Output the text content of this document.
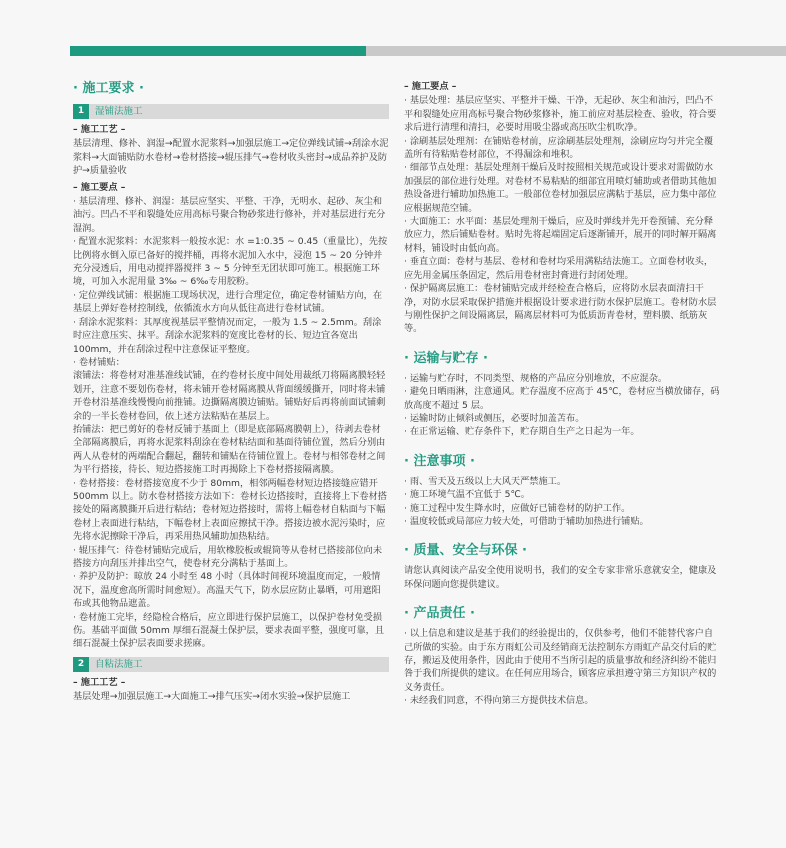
· 施工要求 ·
1	湿铺法施工
– 施工工艺 –

基层清理、修补、润湿→配置水泥浆料→加强层施工→定位弹线试铺→刮涂水泥浆料→大面铺贴防水卷材→卷材搭接→辊压排气→卷材收头密封→成品养护及防护→质量验收

– 施工要点 –

· 基层清理、修补、润湿：基层应坚实、平整、干净，无明水、起砂、灰尘和油污。凹凸不平和裂缝处应用高标号聚合物砂浆进行修补，并对基层进行充分湿润。

· 配置水泥浆料：水泥浆料一般按水泥：水 =1:0.35 ~ 0.45（重量比），先按比例将水倒入原已备好的搅拌桶，再将水泥加入水中，浸泡 15 ~ 20 分钟并充分浸透后，用电动搅拌器搅拌 3 ~ 5 分钟至无团状即可施工。根据施工环境，可加入水泥用量 3‰ ~ 6‰专用胶粉。

· 定位弹线试铺：根据施工现场状况，进行合理定位，确定卷材铺贴方向，在基层上弹好卷材控制线，依循流水方向从低往高进行卷材试铺。

· 刮涂水泥浆料：其厚度视基层平整情况而定，一般为 1.5 ~ 2.5mm。刮涂时应注意压实、抹平。刮涂水泥浆料的宽度比卷材的长、短边宜各宽出 100mm，并在刮涂过程中注意保证平整度。

· 卷材铺贴：

滚铺法：将卷材对准基准线试铺，在约卷材长度中间处用裁纸刀将隔离膜轻轻划开，注意不要划伤卷材，将未铺开卷材隔离膜从背面缓缓撕开，同时将未铺开卷材沿基准线慢慢向前推铺。边撕隔离膜边铺贴。铺贴好后再将前面试铺剩余的一半长卷材卷回，依上述方法粘贴在基层上。

抬铺法：把已剪好的卷材反铺于基面上（即是底部隔离膜朝上），待剥去卷材全部隔离膜后，再将水泥浆料刮涂在卷材粘结面和基面待铺位置，然后分别由两人从卷材的两端配合翻起，翻转和铺贴在待铺位置上。卷材与相邻卷材之间为平行搭接，待长、短边搭接施工时再揭除上下卷材搭接隔离膜。

· 卷材搭接：卷材搭接宽度不少于 80mm，相邻两幅卷材短边搭接缝应错开 500mm 以上。防水卷材搭接方法如下：卷材长边搭接时，直接将上下卷材搭接处的隔离膜撕开后进行粘结；卷材短边搭接时，需将上幅卷材自粘面与下幅卷材上表面进行粘结，下幅卷材上表面应擦拭干净。搭接边被水泥污染时，应先将水泥擦除干净后，再采用热风辅助加热粘结。

· 辊压排气：待卷材铺贴完成后，用软橡胶板或辊筒等从卷材已搭接部位向未搭接方向刮压并排出空气，使卷材充分满粘于基面上。

· 养护及防护：晾放 24 小时至 48 小时（具体时间视环境温度而定，一般情况下，温度愈高所需时间愈短）。高温天气下，防水层应防止暴晒，可用遮阳布或其他物品遮盖。

· 卷材施工完毕，经隐检合格后，应立即进行保护层施工，以保护卷材免受损伤。基础平面做 50mm 厚细石混凝土保护层，要求表面平整，强度可靠，且细石混凝土保护层表面要求搓麻。

2	自粘法施工
– 施工工艺 –

基层处理→加强层施工→大面施工→排气压实→闭水实验→保护层施工

– 施工要点 –

· 基层处理：基层应坚实、平整并干燥、干净，无起砂、灰尘和油污，凹凸不平和裂缝处应用高标号聚合物砂浆修补，施工前应对基层检查、验收，符合要求后进行清理和清扫，必要时用吸尘器或高压吹尘机吹净。

· 涂刷基层处理剂：在铺贴卷材前，应涂刷基层处理剂，涂刷应均匀并完全覆盖所有待粘贴卷材部位，不得漏涂和堆积。

· 细部节点处理：基层处理剂干燥后及时按照相关规范或设计要求对需做防水加强层的部位进行处理。对卷材不易粘贴的细部宜用喷灯辅助或者借助其他加热设备进行辅助加热施工。一般部位卷材加强层应满粘于基层，应力集中部位应根据规范空铺。

· 大面施工：水平面：基层处理剂干燥后，应及时弹线并先开卷预铺、充分释放应力，然后铺贴卷材。贴时先将起端固定后逐渐铺开，展开的同时解开隔离材料，铺设时由低向高。

· 垂直立面：卷材与基层、卷材和卷材均采用满粘结法施工。立面卷材收头，应先用金属压条固定，然后用卷材密封膏进行封闭处理。

· 保护隔离层施工：卷材铺贴完成并经检查合格后，应将防水层表面清扫干净，对防水层采取保护措施并根据设计要求进行防水保护层施工。卷材防水层与刚性保护之间设隔离层，隔离层材料可为低质沥青卷材，塑料膜、纸筋灰等。

· 运输与贮存 ·

· 运输与贮存时，不同类型、规格的产品应分别堆放，不应混杂。

· 避免日晒雨淋，注意通风。贮存温度不应高于 45℃，卷材应当横放储存，码放高度不超过 5 层。

· 运输时防止倾斜或侧压，必要时加盖苫布。

· 在正常运输、贮存条件下，贮存期自生产之日起为一年。

· 注意事项 ·

· 雨、雪天及五级以上大风天严禁施工。

· 施工环境气温不宜低于 5℃。

· 施工过程中发生降水时，应做好已铺卷材的防护工作。

· 温度较低或局部应力较大处，可借助于辅助加热进行铺贴。

· 质量、安全与环保 ·

请您认真阅读产品安全使用说明书，我们的安全专家非常乐意就安全，健康及环保问题向您提供建议。

· 产品责任 ·

· 以上信息和建议是基于我们的经验提出的，仅供参考，他们不能替代客户自己所做的实验。由于东方雨虹公司及经销商无法控制东方雨虹产品交付后的贮存，搬运及使用条件，因此由于使用不当所引起的质量事故和经济纠纷不能归咎于我们所提供的建议。在任何应用场合，顾客应承担遵守第三方知识产权的义务责任。

· 未经我们同意，不得向第三方提供技术信息。
